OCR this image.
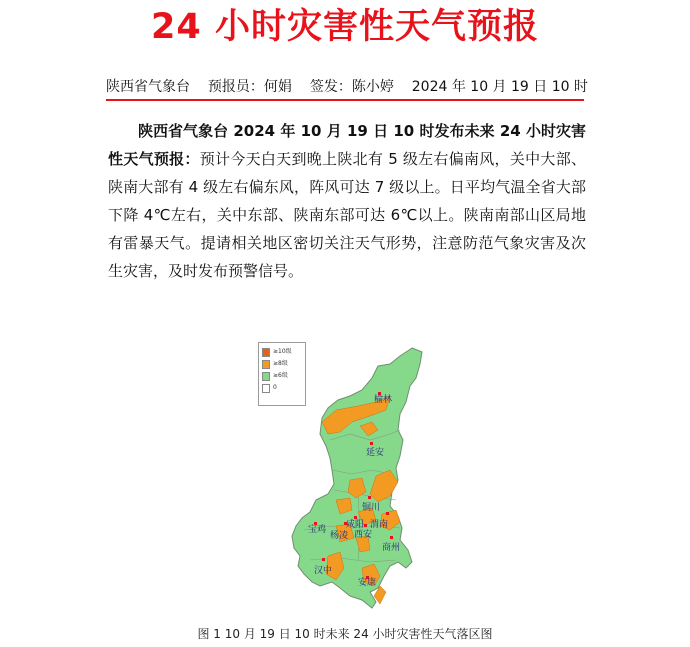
24 小时灾害性天气预报
陕西省气象台 预报员：何娟 签发：陈小婷 2024 年 10 月 19 日 10 时

陕西省气象台 2024 年 10 月 19 日 10 时发布未来 24 小时灾害性天气预报：预计今天白天到晚上陕北有 5 级左右偏南风，关中大部、陕南大部有 4 级左右偏东风，阵风可达 7 级以上。日平均气温全省大部下降 4℃左右，关中东部、陕南东部可达 6℃以上。陕南南部山区局地有雷暴天气。提请相关地区密切关注天气形势，注意防范气象灾害及次生灾害，及时发布预警信号。

榆林
延安
铜川
宝鸡
杨凌
咸阳
西安
渭南
商州
汉中
安康
≥10级
≥8级
≥6级
0
图 1 10 月 19 日 10 时未来 24 小时灾害性天气落区图
